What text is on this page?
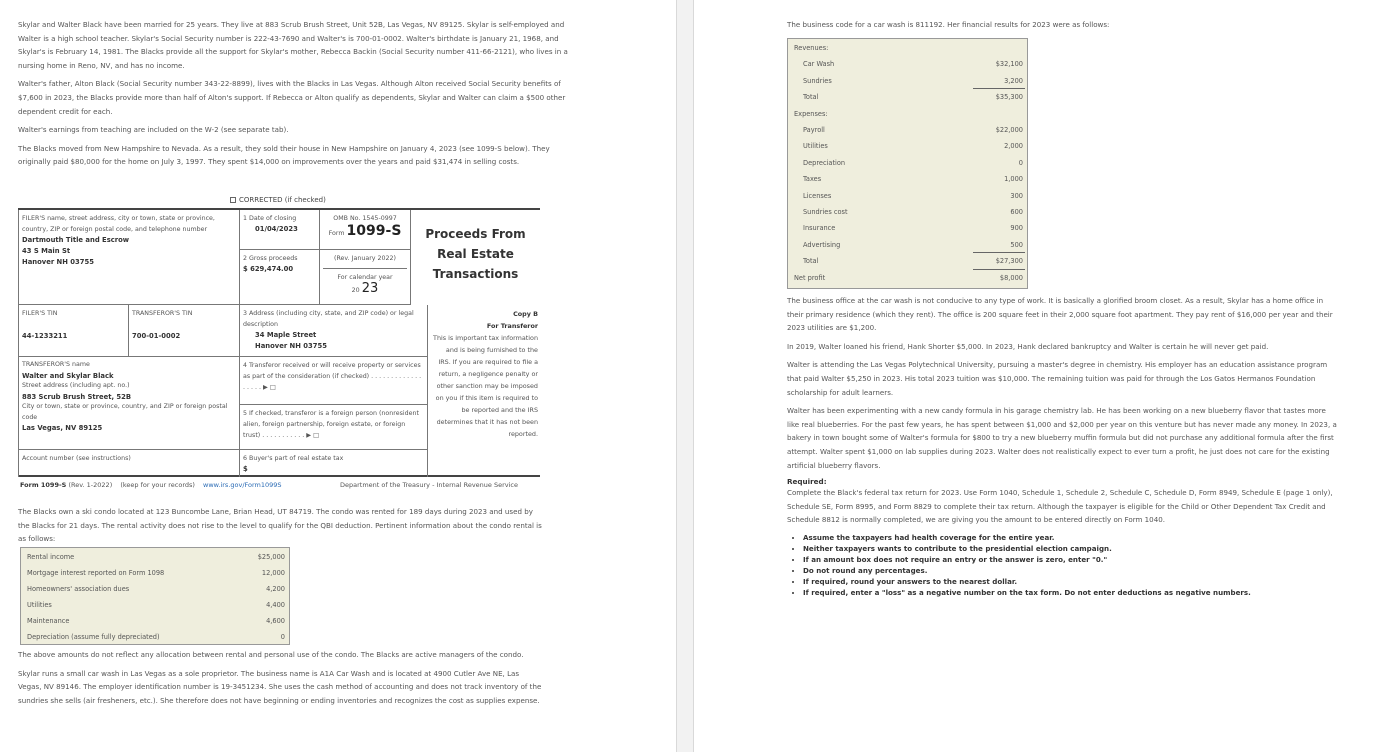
Skylar and Walter Black have been married for 25 years. They live at 883 Scrub Brush Street, Unit 52B, Las Vegas, NV 89125. Skylar is self-employed and Walter is a high school teacher. Skylar's Social Security number is 222-43-7690 and Walter's is 700-01-0002. Walter's birthdate is January 21, 1968, and Skylar's is February 14, 1981. The Blacks provide all the support for Skylar's mother, Rebecca Backin (Social Security number 411-66-2121), who lives in a nursing home in Reno, NV, and has no income.

Walter's father, Alton Black (Social Security number 343-22-8899), lives with the Blacks in Las Vegas. Although Alton received Social Security benefits of $7,600 in 2023, the Blacks provide more than half of Alton's support. If Rebecca or Alton qualify as dependents, Skylar and Walter can claim a $500 other dependent credit for each.

Walter's earnings from teaching are included on the W-2 (see separate tab).

The Blacks moved from New Hampshire to Nevada. As a result, they sold their house in New Hampshire on January 4, 2023 (see 1099-S below). They originally paid $80,000 for the home on July 3, 1997. They spent $14,000 on improvements over the years and paid $31,474 in selling costs.

CORRECTED (if checked)
FILER'S name, street address, city or town, state or province, country, ZIP or foreign postal code, and telephone number
Dartmouth Title and Escrow
43 S Main St
Hanover NH 03755
1 Date of closing
01/04/2023
OMB No. 1545-0997
Form 1099-S
2 Gross proceeds
$ 629,474.00
(Rev. January 2022)
For calendar year
20 23
Proceeds From
Real Estate
Transactions
FILER'S TIN
44-1233211
TRANSFEROR'S TIN
700-01-0002
3 Address (including city, state, and ZIP code) or legal description
34 Maple Street
Hanover NH 03755
Copy B
For Transferor
This is important tax information and is being furnished to the IRS. If you are required to file a return, a negligence penalty or other sanction may be imposed on you if this item is required to be reported and the IRS determines that it has not been reported.
TRANSFEROR'S name
Walter and Skylar Black
Street address (including apt. no.)
883 Scrub Brush Street, 52B
City or town, state or province, country, and ZIP or foreign postal code
Las Vegas, NV 89125
4 Transferor received or will receive property or services as part of the consideration (if checked) . . . . . . . . . . . . . . . . . . ▶ □
5 If checked, transferor is a foreign person (nonresident alien, foreign partnership, foreign estate, or foreign trust) . . . . . . . . . . . ▶ □
Account number (see instructions)	6 Buyer's part of real estate tax
$
Form 1099-S (Rev. 1-2022) (keep for your records) www.irs.gov/Form1099S	Department of the Treasury - Internal Revenue Service

The Blacks own a ski condo located at 123 Buncombe Lane, Brian Head, UT 84719. The condo was rented for 189 days during 2023 and used by the Blacks for 21 days. The rental activity does not rise to the level to qualify for the QBI deduction. Pertinent information about the condo rental is as follows:

Rental income	$25,000
Mortgage interest reported on Form 1098	12,000
Homeowners' association dues	4,200
Utilities	4,400
Maintenance	4,600
Depreciation (assume fully depreciated)	0

The above amounts do not reflect any allocation between rental and personal use of the condo. The Blacks are active managers of the condo.

Skylar runs a small car wash in Las Vegas as a sole proprietor. The business name is A1A Car Wash and is located at 4900 Cutler Ave NE, Las Vegas, NV 89146. The employer identification number is 19-3451234. She uses the cash method of accounting and does not track inventory of the sundries she sells (air fresheners, etc.). She therefore does not have beginning or ending inventories and recognizes the cost as supplies expense.

The business code for a car wash is 811192. Her financial results for 2023 were as follows:

Revenues:
Car Wash	$32,100
Sundries	3,200
Total	$35,300
Expenses:
Payroll	$22,000
Utilities	2,000
Depreciation	0
Taxes	1,000
Licenses	300
Sundries cost	600
Insurance	900
Advertising	500
Total	$27,300
Net profit	$8,000

The business office at the car wash is not conducive to any type of work. It is basically a glorified broom closet. As a result, Skylar has a home office in their primary residence (which they rent). The office is 200 square feet in their 2,000 square foot apartment. They pay rent of $16,000 per year and their 2023 utilities are $1,200.

In 2019, Walter loaned his friend, Hank Shorter $5,000. In 2023, Hank declared bankruptcy and Walter is certain he will never get paid.

Walter is attending the Las Vegas Polytechnical University, pursuing a master's degree in chemistry. His employer has an education assistance program that paid Walter $5,250 in 2023. His total 2023 tuition was $10,000. The remaining tuition was paid for through the Los Gatos Hermanos Foundation scholarship for adult learners.

Walter has been experimenting with a new candy formula in his garage chemistry lab. He has been working on a new blueberry flavor that tastes more like real blueberries. For the past few years, he has spent between $1,000 and $2,000 per year on this venture but has never made any money. In 2023, a bakery in town bought some of Walter's formula for $800 to try a new blueberry muffin formula but did not purchase any additional formula after the first attempt. Walter spent $1,000 on lab supplies during 2023. Walter does not realistically expect to ever turn a profit, he just does not care for the existing artificial blueberry flavors.

Required:

Complete the Black's federal tax return for 2023. Use Form 1040, Schedule 1, Schedule 2, Schedule C, Schedule D, Form 8949, Schedule E (page 1 only), Schedule SE, Form 8995, and Form 8829 to complete their tax return. Although the taxpayer is eligible for the Child or Other Dependent Tax Credit and Schedule 8812 is normally completed, we are giving you the amount to be entered directly on Form 1040.

• Assume the taxpayers had health coverage for the entire year.
• Neither taxpayers wants to contribute to the presidential election campaign.
• If an amount box does not require an entry or the answer is zero, enter "0."
• Do not round any percentages.
• If required, round your answers to the nearest dollar.
• If required, enter a "loss" as a negative number on the tax form. Do not enter deductions as negative numbers.
